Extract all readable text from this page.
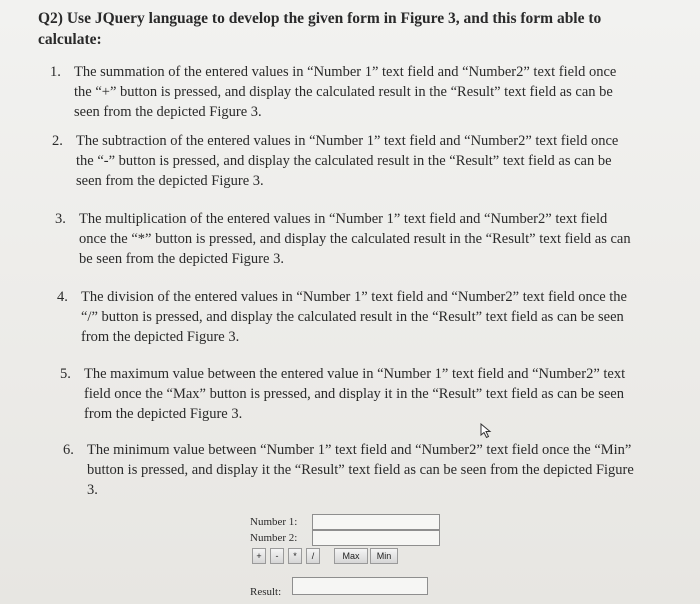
Q2) Use JQuery language to develop the given form in Figure 3, and this form able to
calculate:
1. The summation of the entered values in “Number 1” text field and “Number2” text field once
the “+” button is pressed, and display the calculated result in the “Result” text field as can be
seen from the depicted Figure 3.
2. The subtraction of the entered values in “Number 1” text field and “Number2” text field once
the “-” button is pressed, and display the calculated result in the “Result” text field as can be
seen from the depicted Figure 3.
3. The multiplication of the entered values in “Number 1” text field and “Number2” text field
once the “*” button is pressed, and display the calculated result in the “Result” text field as can
be seen from the depicted Figure 3.
4. The division of the entered values in “Number 1” text field and “Number2” text field once the
“/” button is pressed, and display the calculated result in the “Result” text field as can be seen
from the depicted Figure 3.
5. The maximum value between the entered value in “Number 1” text field and “Number2” text
field once the “Max” button is pressed, and display it in the “Result” text field as can be seen
from the depicted Figure 3.
6. The minimum value between “Number 1” text field and “Number2” text field once the “Min”
button is pressed, and display it the “Result” text field as can be seen from the depicted Figure
3.
Number 1:
Number 2:
+	-	*	/	Max	Min
Result:
